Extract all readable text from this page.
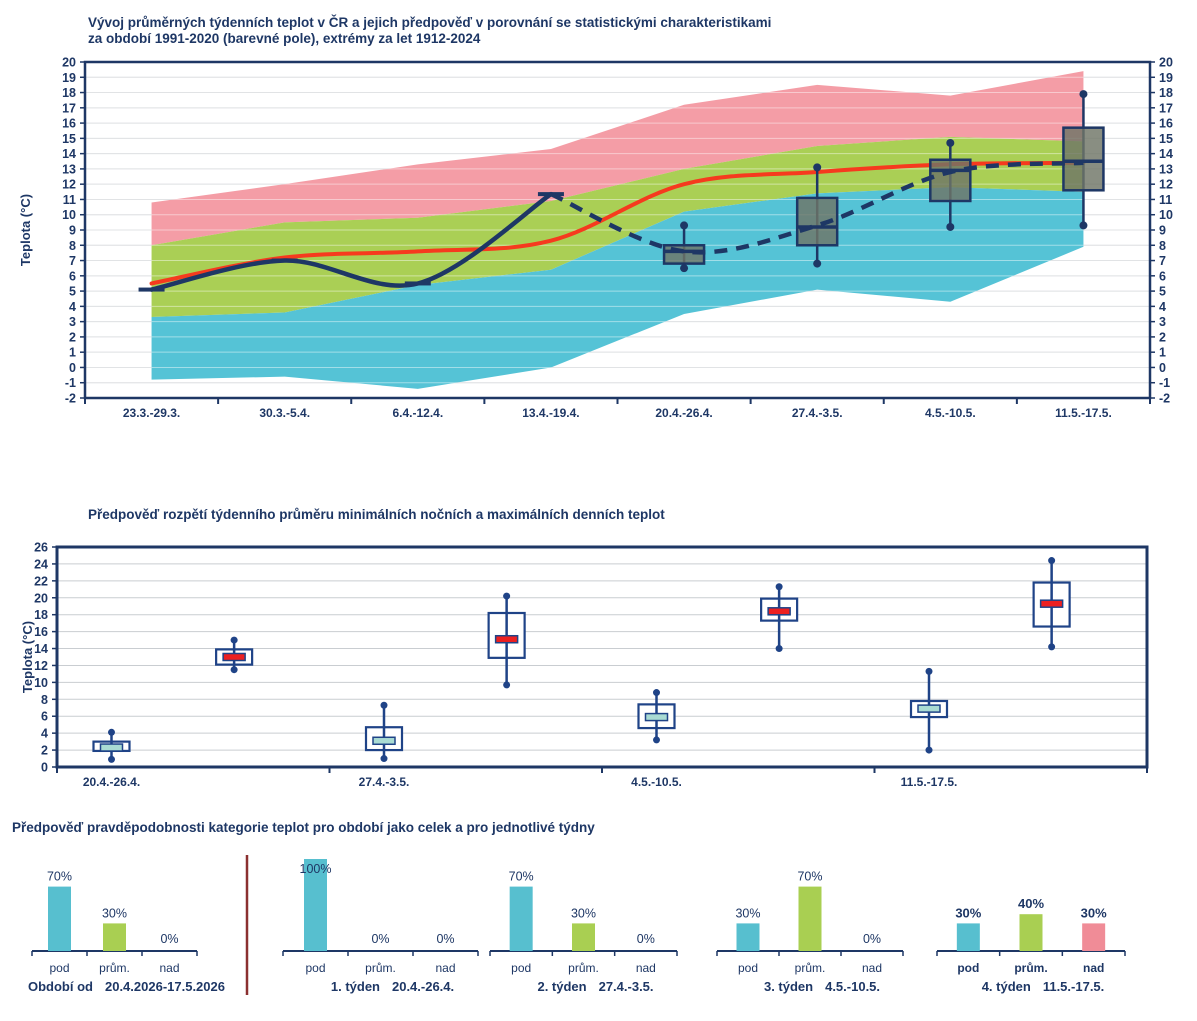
Vývoj průměrných týdenních teplot v ČR a jejich předpověď v porovnání se statistickými charakteristikami
za období 1991-2020 (barevné pole), extrémy za let 1912-2024
Teplota (°C)
-2	-2
-1	-1
0	0
1	1
2	2
3	3
4	4
5	5
6	6
7	7
8	8
9	9
10	10
11	11
12	12
13	13
14	14
15	15
16	16
17	17
18	18
19	19
20	20
23.3.-29.3.	30.3.-5.4.	6.4.-12.4.	13.4.-19.4.	20.4.-26.4.	27.4.-3.5.	4.5.-10.5.	11.5.-17.5.
Předpověď rozpětí týdenního průměru minimálních nočních a maximálních denních teplot
Teplota (°C)
0
2
4
6
8
10
12
14
16
18
20
22
24
26
20.4.-26.4.	27.4.-3.5.	4.5.-10.5.	11.5.-17.5.
Předpověď pravděpodobnosti kategorie teplot pro období jako celek a pro jednotlivé týdny
70%
pod
30%
prům.
0%
nad
Období od 20.4.2026-17.5.2026
100%
pod
0%
prům.
0%
nad
1. týden 20.4.-26.4.
70%
pod
30%
prům.
0%
nad
2. týden 27.4.-3.5.
30%
pod
70%
prům.
0%
nad
3. týden 4.5.-10.5.
30%
pod
40%
prům.
30%
nad
4. týden 11.5.-17.5.
